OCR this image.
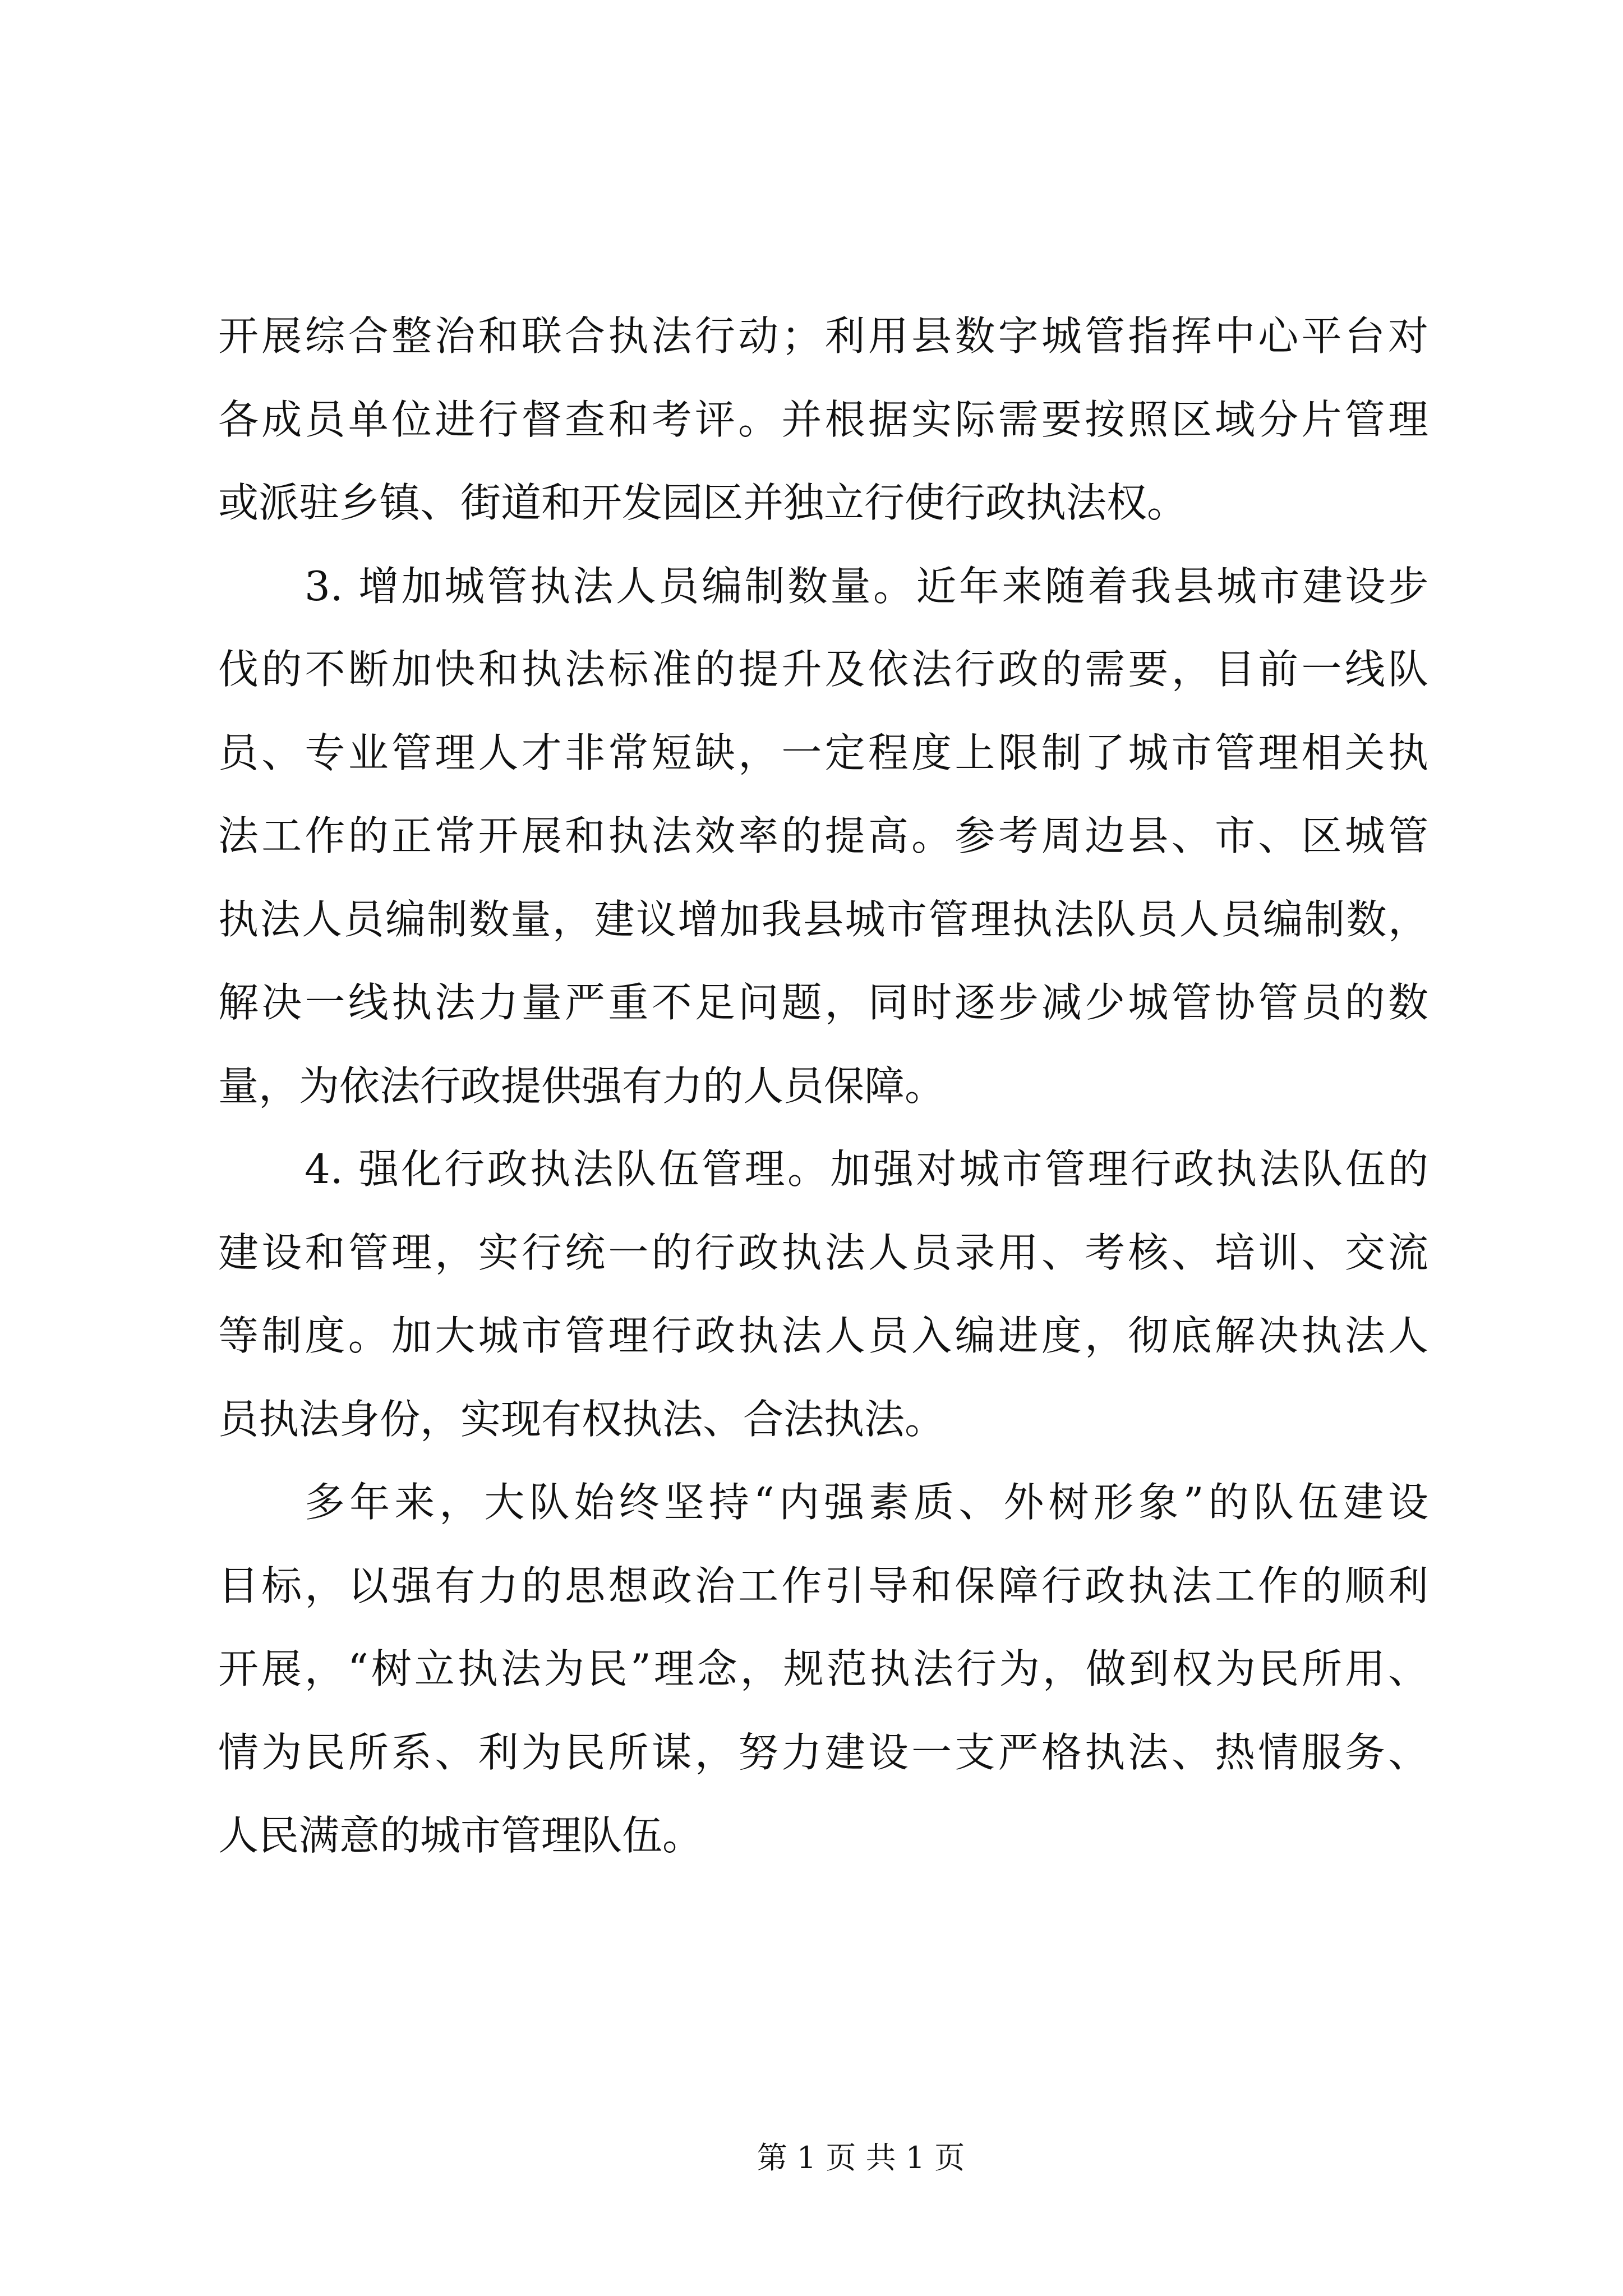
开展综合整治和联合执法行动；利用县数字城管指挥中心平台对
各成员单位进行督查和考评。并根据实际需要按照区域分片管理
或派驻乡镇、街道和开发园区并独立行使行政执法权。
3. 增加城管执法人员编制数量。近年来随着我县城市建设步
伐的不断加快和执法标准的提升及依法行政的需要，目前一线队
员、专业管理人才非常短缺，一定程度上限制了城市管理相关执
法工作的正常开展和执法效率的提高。参考周边县、市、区城管
执法人员编制数量，建议增加我县城市管理执法队员人员编制数，
解决一线执法力量严重不足问题，同时逐步减少城管协管员的数
量，为依法行政提供强有力的人员保障。
4. 强化行政执法队伍管理。加强对城市管理行政执法队伍的
建设和管理，实行统一的行政执法人员录用、考核、培训、交流
等制度。加大城市管理行政执法人员入编进度，彻底解决执法人
员执法身份，实现有权执法、合法执法。
多年来，大队始终坚持“内强素质、外树形象”的队伍建设
目标，以强有力的思想政治工作引导和保障行政执法工作的顺利
开展，“树立执法为民”理念，规范执法行为，做到权为民所用、
情为民所系、利为民所谋，努力建设一支严格执法、热情服务、
人民满意的城市管理队伍。
第 1 页 共 1 页
